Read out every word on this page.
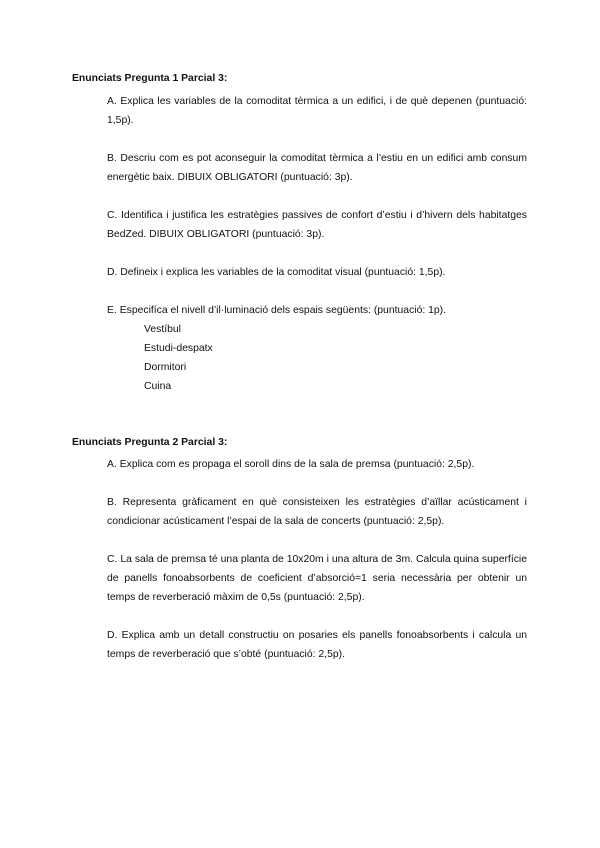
Enunciats Pregunta 1 Parcial 3:

A. Explica les variables de la comoditat tèrmica a un edifici, i de què depenen (puntuació: 1,5p).

B. Descriu com es pot aconseguir la comoditat tèrmica a l’estiu en un edifici amb consum energètic baix. DIBUIX OBLIGATORI (puntuació: 3p).

C. Identifica i justifica les estratègies passives de confort d’estiu i d’hivern dels habitatges BedZed. DIBUIX OBLIGATORI (puntuació: 3p).

D. Defineix i explica les variables de la comoditat visual (puntuació: 1,5p).

E. Especifíca el nivell d’il·luminació dels espais següents: (puntuació: 1p).

Vestíbul
Estudi-despatx
Dormitori
Cuina

Enunciats Pregunta 2 Parcial 3:

A. Explica com es propaga el soroll dins de la sala de premsa (puntuació: 2,5p).

B. Representa gràficament en què consisteixen les estratègies d’aïllar acústicament i condicionar acústicament l’espai de la sala de concerts (puntuació: 2,5p).

C. La sala de premsa té una planta de 10x20m i una altura de 3m. Calcula quina superfície de panells fonoabsorbents de coeficient d’absorció=1 seria necessària per obtenir un temps de reverberació màxim de 0,5s (puntuació: 2,5p).

D. Explica amb un detall constructiu on posaries els panells fonoabsorbents i calcula un temps de reverberació que s’obté (puntuació: 2,5p).
